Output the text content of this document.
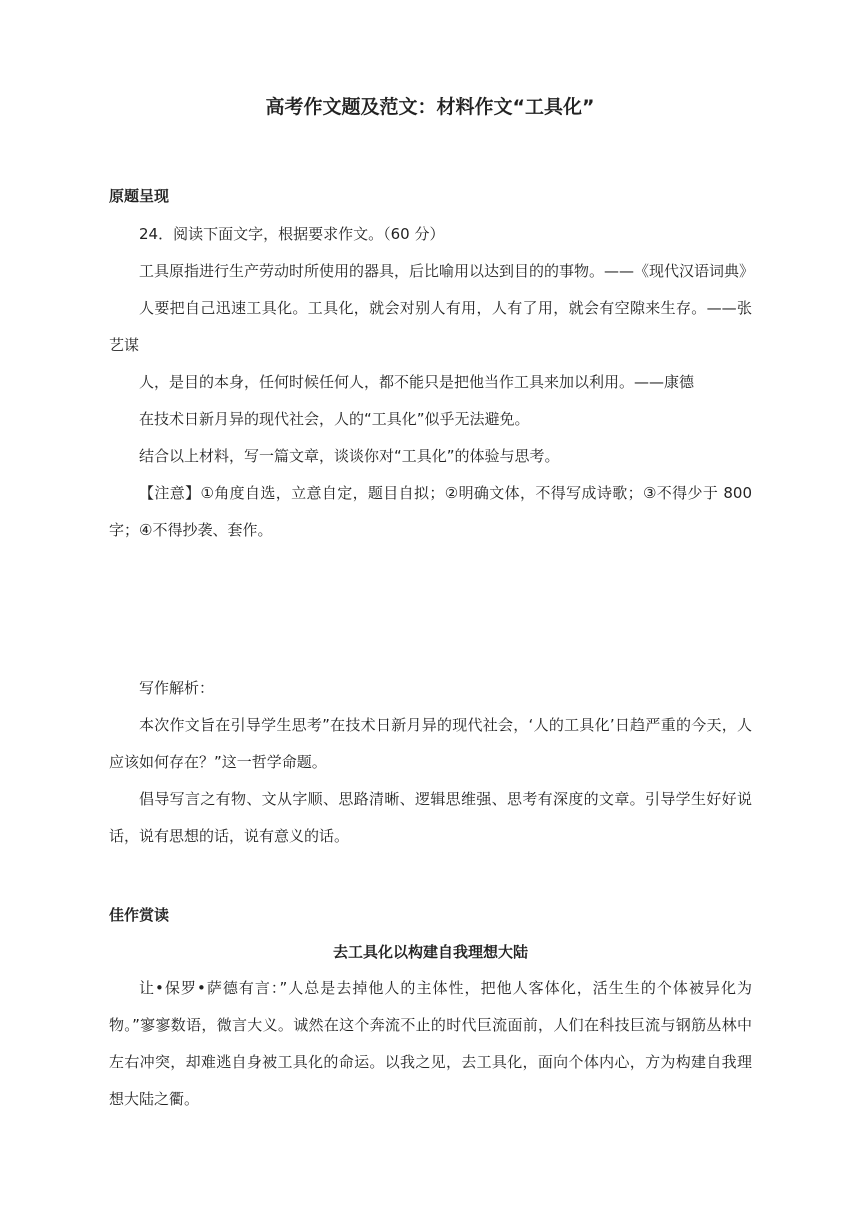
高考作文题及范文：材料作文“工具化”
原题呈现

24．阅读下面文字，根据要求作文。（60 分）

工具原指进行生产劳动时所使用的器具，后比喻用以达到目的的事物。——《现代汉语词典》

人要把自己迅速工具化。工具化，就会对别人有用，人有了用，就会有空隙来生存。——张艺谋

人，是目的本身，任何时候任何人，都不能只是把他当作工具来加以利用。——康德

在技术日新月异的现代社会，人的“工具化”似乎无法避免。

结合以上材料，写一篇文章，谈谈你对“工具化”的体验与思考。

【注意】①角度自选，立意自定，题目自拟；②明确文体，不得写成诗歌；③不得少于 800 字；④不得抄袭、套作。

写作解析：

本次作文旨在引导学生思考”在技术日新月异的现代社会，‘人的工具化’日趋严重的今天，人应该如何存在？”这一哲学命题。

倡导写言之有物、文从字顺、思路清晰、逻辑思维强、思考有深度的文章。引导学生好好说话，说有思想的话，说有意义的话。

佳作赏读
去工具化以构建自我理想大陆

让•保罗•萨德有言：”人总是去掉他人的主体性，把他人客体化，活生生的个体被异化为物。”寥寥数语，微言大义。诚然在这个奔流不止的时代巨流面前，人们在科技巨流与钢筋丛林中左右冲突，却难逃自身被工具化的命运。以我之见，去工具化，面向个体内心，方为构建自我理想大陆之衢。
